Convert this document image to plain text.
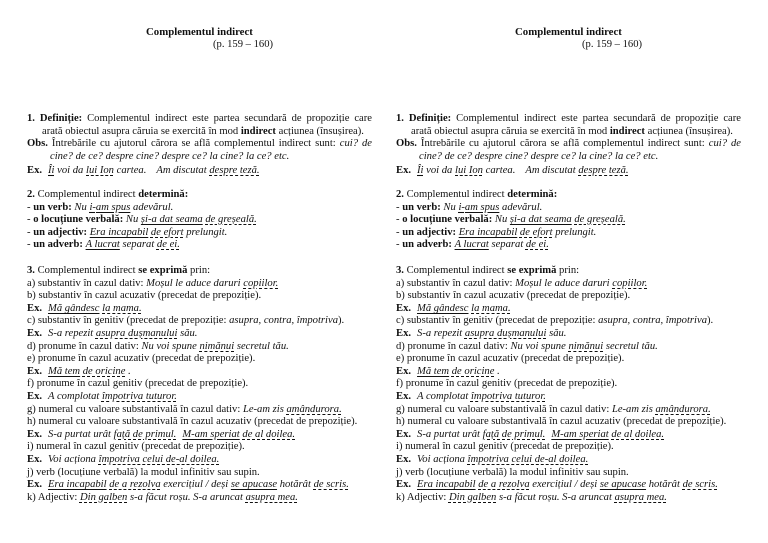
Complementul indirect
(p. 159 – 160)
1. Definiție: Complementul indirect este partea secundară de propoziție care
arată obiectul asupra căruia se exercită în mod indirect acțiunea (însușirea).
Obs. Întrebările cu ajutorul cărora se află complementul indirect sunt: cui? de
cine? de ce? despre cine? despre ce? la cine? la ce? etc.
Ex. Îi voi da lui Ion cartea. Am discutat despre teză.
2. Complementul indirect determină:
- un verb: Nu i-am spus adevărul.
- o locuțiune verbală: Nu și-a dat seama de greșeală.
- un adjectiv: Era incapabil de efort prelungit.
- un adverb: A lucrat separat de ei.
3. Complementul indirect se exprimă prin:
a) substantiv în cazul dativ: Moșul le aduce daruri copiilor.
b) substantiv în cazul acuzativ (precedat de prepoziție).
Ex. Mă gândesc la mama.
c) substantiv în genitiv (precedat de prepoziție: asupra, contra, împotriva).
Ex. S-a repezit asupra dușmanului său.
d) pronume în cazul dativ: Nu voi spune nimănui secretul tău.
e) pronume în cazul acuzativ (precedat de prepoziție).
Ex. Mă tem de oricine .
f) pronume în cazul genitiv (precedat de prepoziție).
Ex. A complotat împotriva tuturor.
g) numeral cu valoare substantivală în cazul dativ: Le-am zis amândurora.
h) numeral cu valoare substantivală în cazul acuzativ (precedat de prepoziție).
Ex. S-a purtat urât față de primul. M-am speriat de al doilea.
i) numeral în cazul genitiv (precedat de prepoziție).
Ex. Voi acționa împotriva celui de-al doilea.
j) verb (locuțiune verbală) la modul infinitiv sau supin.
Ex. Era incapabil de a rezolva exercițiul / deși se apucase hotărât de scris.
k) Adjectiv: Din galben s-a făcut roșu. S-a aruncat asupra mea.
Complementul indirect
(p. 159 – 160)
1. Definiție: Complementul indirect este partea secundară de propoziție care
arată obiectul asupra căruia se exercită în mod indirect acțiunea (însușirea).
Obs. Întrebările cu ajutorul cărora se află complementul indirect sunt: cui? de
cine? de ce? despre cine? despre ce? la cine? la ce? etc.
Ex. Îi voi da lui Ion cartea. Am discutat despre teză.
2. Complementul indirect determină:
- un verb: Nu i-am spus adevărul.
- o locuțiune verbală: Nu și-a dat seama de greșeală.
- un adjectiv: Era incapabil de efort prelungit.
- un adverb: A lucrat separat de ei.
3. Complementul indirect se exprimă prin:
a) substantiv în cazul dativ: Moșul le aduce daruri copiilor.
b) substantiv în cazul acuzativ (precedat de prepoziție).
Ex. Mă gândesc la mama.
c) substantiv în genitiv (precedat de prepoziție: asupra, contra, împotriva).
Ex. S-a repezit asupra dușmanului său.
d) pronume în cazul dativ: Nu voi spune nimănui secretul tău.
e) pronume în cazul acuzativ (precedat de prepoziție).
Ex. Mă tem de oricine .
f) pronume în cazul genitiv (precedat de prepoziție).
Ex. A complotat împotriva tuturor.
g) numeral cu valoare substantivală în cazul dativ: Le-am zis amândurora.
h) numeral cu valoare substantivală în cazul acuzativ (precedat de prepoziție).
Ex. S-a purtat urât față de primul. M-am speriat de al doilea.
i) numeral în cazul genitiv (precedat de prepoziție).
Ex. Voi acționa împotriva celui de-al doilea.
j) verb (locuțiune verbală) la modul infinitiv sau supin.
Ex. Era incapabil de a rezolva exercițiul / deși se apucase hotărât de scris.
k) Adjectiv: Din galben s-a făcut roșu. S-a aruncat asupra mea.
